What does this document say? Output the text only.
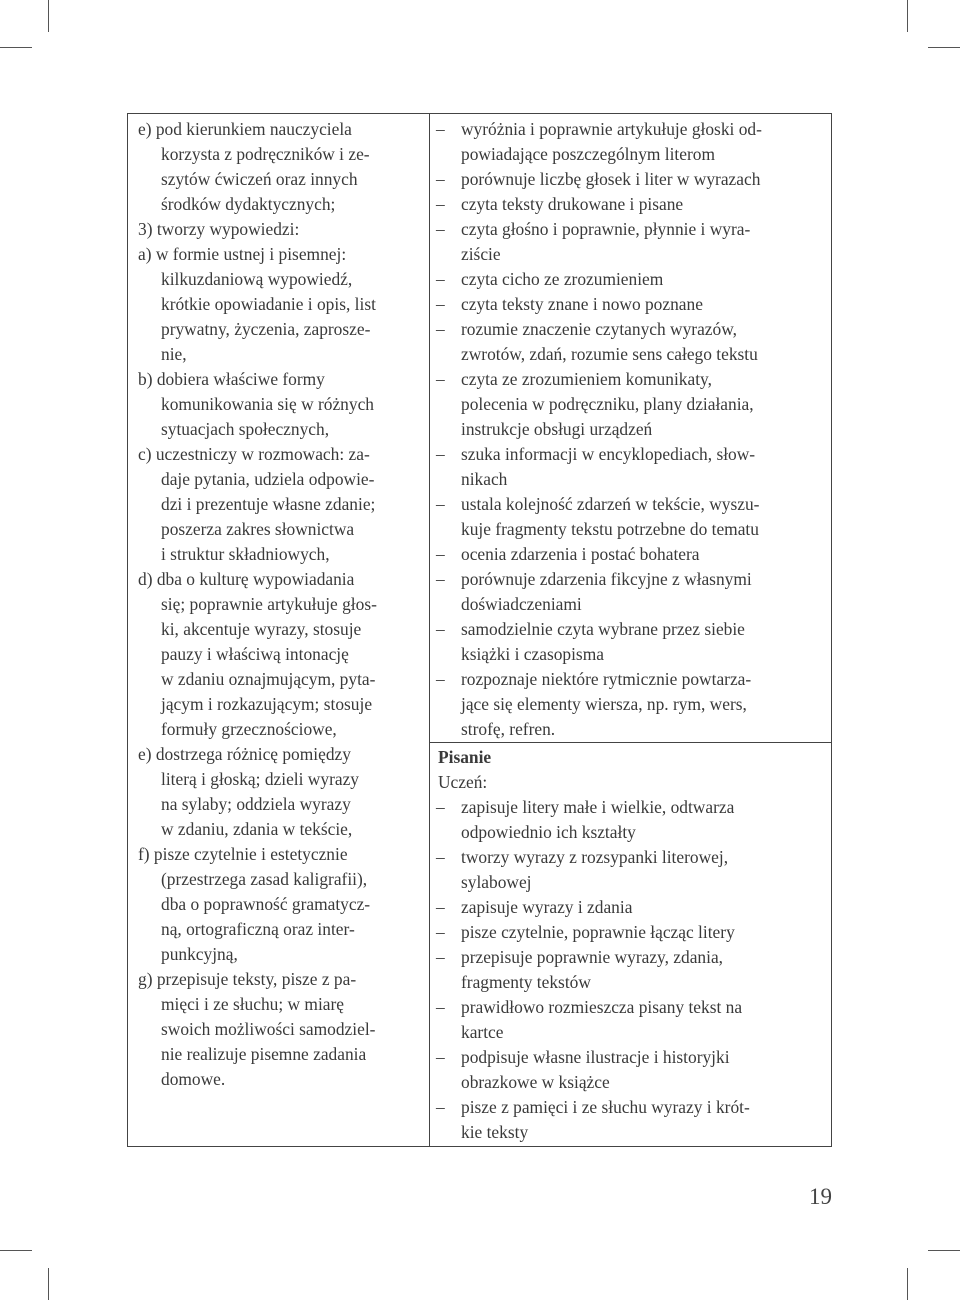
e) pod kierunkiem nauczyciela
korzysta z podręczników i ze-
szytów ćwiczeń oraz innych
środków dydaktycznych;
3) tworzy wypowiedzi:
a) w formie ustnej i pisemnej:
kilkuzdaniową wypowiedź,
krótkie opowiadanie i opis, list
prywatny, życzenia, zaprosze-
nie,
b) dobiera właściwe formy
komunikowania się w różnych
sytuacjach społecznych,
c) uczestniczy w rozmowach: za-
daje pytania, udziela odpowie-
dzi i prezentuje własne zdanie;
poszerza zakres słownictwa
i struktur składniowych,
d) dba o kulturę wypowiadania
się; poprawnie artykułuje głos-
ki, akcentuje wyrazy, stosuje
pauzy i właściwą intonację
w zdaniu oznajmującym, pyta-
jącym i rozkazującym; stosuje
formuły grzecznościowe,
e) dostrzega różnicę pomiędzy
literą i głoską; dzieli wyrazy
na sylaby; oddziela wyrazy
w zdaniu, zdania w tekście,
f) pisze czytelnie i estetycznie
(przestrzega zasad kaligrafii),
dba o poprawność gramatycz-
ną, ortograficzną oraz inter-
punkcyjną,
g) przepisuje teksty, pisze z pa-
mięci i ze słuchu; w miarę
swoich możliwości samodziel-
nie realizuje pisemne zadania
domowe.
– wyróżnia i poprawnie artykułuje głoski od-
powiadające poszczególnym literom
– porównuje liczbę głosek i liter w wyrazach
– czyta teksty drukowane i pisane
– czyta głośno i poprawnie, płynnie i wyra-
ziście
– czyta cicho ze zrozumieniem
– czyta teksty znane i nowo poznane
– rozumie znaczenie czytanych wyrazów,
zwrotów, zdań, rozumie sens całego tekstu
– czyta ze zrozumieniem komunikaty,
polecenia w podręczniku, plany działania,
instrukcje obsługi urządzeń
– szuka informacji w encyklopediach, słow-
nikach
– ustala kolejność zdarzeń w tekście, wyszu-
kuje fragmenty tekstu potrzebne do tematu
– ocenia zdarzenia i postać bohatera
– porównuje zdarzenia fikcyjne z własnymi
doświadczeniami
– samodzielnie czyta wybrane przez siebie
książki i czasopisma
– rozpoznaje niektóre rytmicznie powtarza-
jące się elementy wiersza, np. rym, wers,
strofę, refren.
Pisanie
Uczeń:
– zapisuje litery małe i wielkie, odtwarza
odpowiednio ich kształty
– tworzy wyrazy z rozsypanki literowej,
sylabowej
– zapisuje wyrazy i zdania
– pisze czytelnie, poprawnie łącząc litery
– przepisuje poprawnie wyrazy, zdania,
fragmenty tekstów
– prawidłowo rozmieszcza pisany tekst na
kartce
– podpisuje własne ilustracje i historyjki
obrazkowe w książce
– pisze z pamięci i ze słuchu wyrazy i krót-
kie teksty
19
